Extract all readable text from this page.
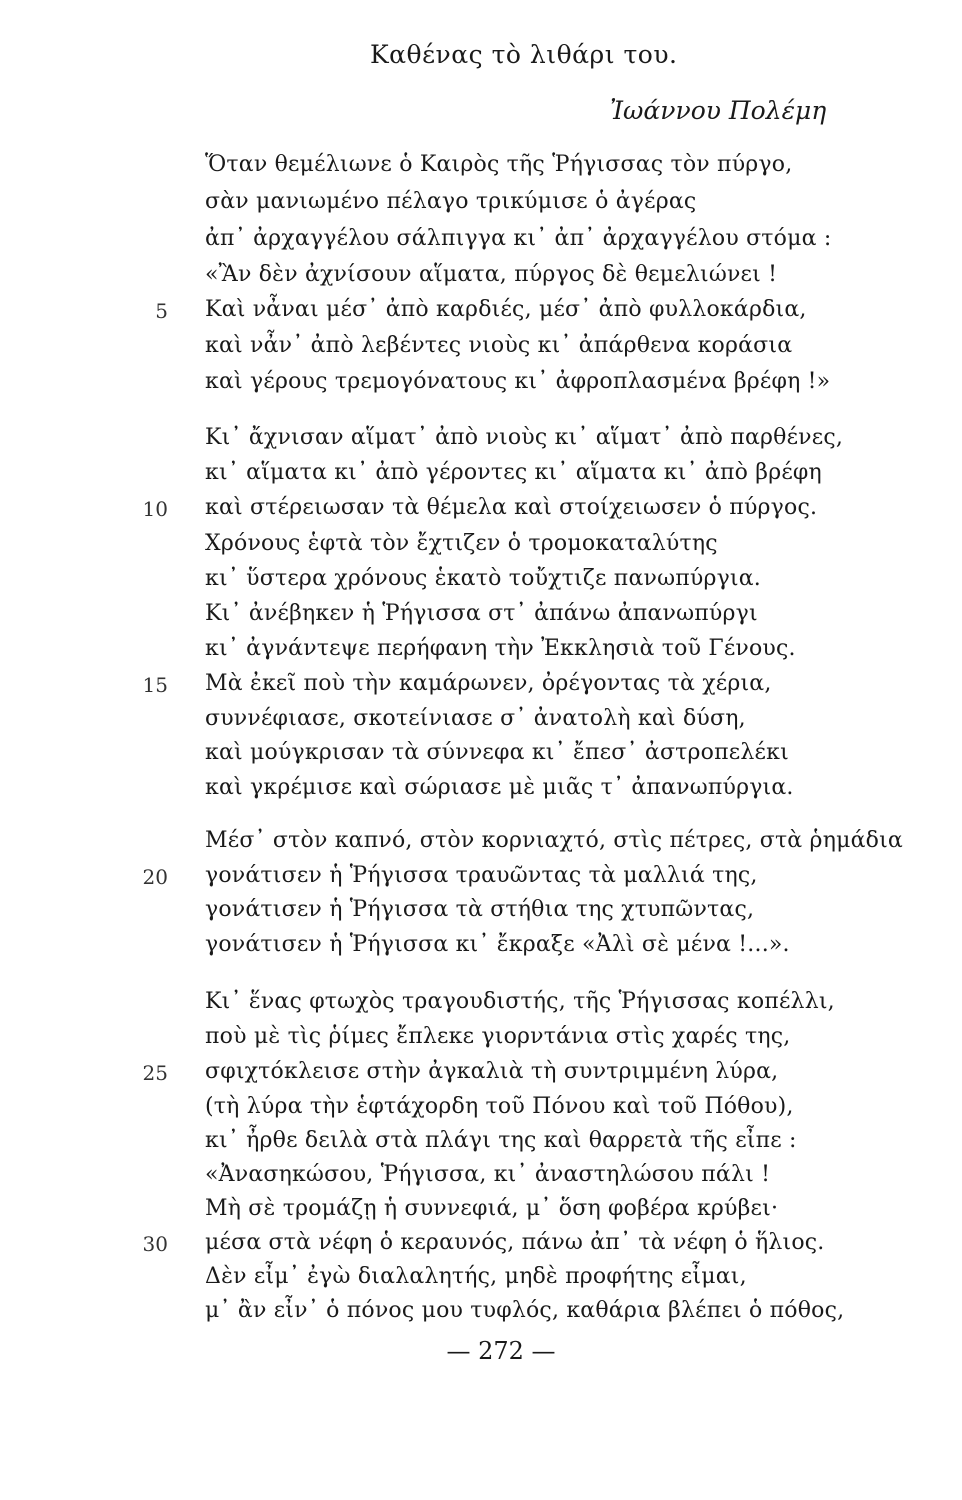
Καθένας τὸ λιθάρι του.
Ἰωάννου Πολέμη
Ὅταν θεμέλιωνε ὁ Καιρὸς τῆς Ῥήγισσας τὸν πύργο,
σὰν μανιωμένο πέλαγο τρικύμισε ὁ ἀγέρας
ἀπ᾽ ἀρχαγγέλου σάλπιγγα κι᾽ ἀπ᾽ ἀρχαγγέλου στόμα :
«Ἂν δὲν ἀχνίσουν αἵματα, πύργος δὲ θεμελιώνει !
Καὶ νἆναι μέσ᾽ ἀπὸ καρδιές, μέσ᾽ ἀπὸ φυλλοκάρδια,
καὶ νἆν᾽ ἀπὸ λεβέντες νιοὺς κι᾽ ἀπάρθενα κοράσια
καὶ γέρους τρεμογόνατους κι᾽ ἀφροπλασμένα βρέφη !»
Κι᾽ ἄχνισαν αἵματ᾽ ἀπὸ νιοὺς κι᾽ αἵματ᾽ ἀπὸ παρθένες,
κι᾽ αἵματα κι᾽ ἀπὸ γέροντες κι᾽ αἵματα κι᾽ ἀπὸ βρέφη
καὶ στέρειωσαν τὰ θέμελα καὶ στοίχειωσεν ὁ πύργος.
Χρόνους ἑφτὰ τὸν ἔχτιζεν ὁ τρομοκαταλύτης
κι᾽ ὕστερα χρόνους ἑκατὸ τοὔχτιζε πανωπύργια.
Κι᾽ ἀνέβηκεν ἡ Ῥήγισσα στ᾽ ἀπάνω ἀπανωπύργι
κι᾽ ἀγνάντεψε περήφανη τὴν Ἐκκλησιὰ τοῦ Γένους.
Μὰ ἐκεῖ ποὺ τὴν καμάρωνεν, ὀρέγοντας τὰ χέρια,
συννέφιασε, σκοτείνιασε σ᾽ ἀνατολὴ καὶ δύση,
καὶ μούγκρισαν τὰ σύννεφα κι᾽ ἔπεσ᾽ ἀστροπελέκι
καὶ γκρέμισε καὶ σώριασε μὲ μιᾶς τ᾽ ἀπανωπύργια.
Μέσ᾽ στὸν καπνό, στὸν κορνιαχτό, στὶς πέτρες, στὰ ῥημάδια
γονάτισεν ἡ Ῥήγισσα τραυῶντας τὰ μαλλιά της,
γονάτισεν ἡ Ῥήγισσα τὰ στήθια της χτυπῶντας,
γονάτισεν ἡ Ῥήγισσα κι᾽ ἔκραξε «Ἀλὶ σὲ μένα !...».
Κι᾽ ἕνας φτωχὸς τραγουδιστής, τῆς Ῥήγισσας κοπέλλι,
ποὺ μὲ τὶς ῥίμες ἔπλεκε γιορντάνια στὶς χαρές της,
σφιχτόκλεισε στὴν ἀγκαλιὰ τὴ συντριμμένη λύρα,
(τὴ λύρα τὴν ἑφτάχορδη τοῦ Πόνου καὶ τοῦ Πόθου),
κι᾽ ἦρθε δειλὰ στὰ πλάγι της καὶ θαρρετὰ τῆς εἶπε :
«Ἀνασηκώσου, Ῥήγισσα, κι᾽ ἀναστηλώσου πάλι !
Μὴ σὲ τρομάζῃ ἡ συννεφιά, μ᾽ ὅση φοβέρα κρύβει·
μέσα στὰ νέφη ὁ κεραυνός, πάνω ἀπ᾽ τὰ νέφη ὁ ἥλιος.
Δὲν εἶμ᾽ ἐγὼ διαλαλητής, μηδὲ προφήτης εἶμαι,
μ᾽ ἂν εἶν᾽ ὁ πόνος μου τυφλός, καθάρια βλέπει ὁ πόθος,
5
10
15
20
25
30
— 272 —
